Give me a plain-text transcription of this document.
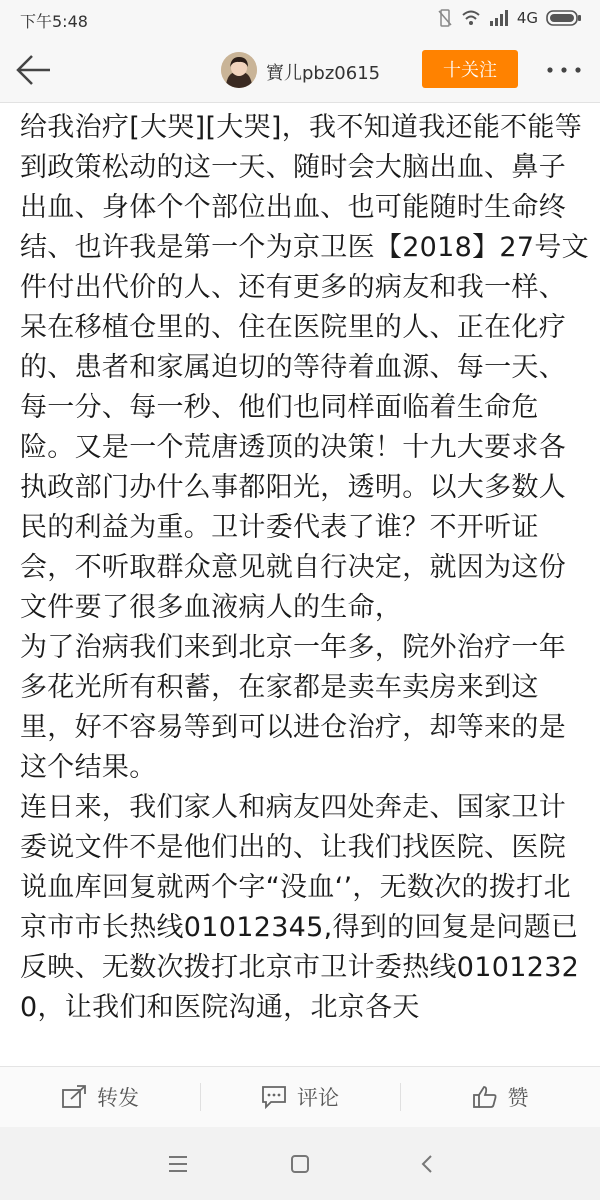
下午5:48	4G
寶儿pbz0615	十关注

给我治疗[大哭][大哭]，我不知道我还能不能等到政策松动的这一天、随时会大脑出血、鼻子出血、身体个个部位出血、也可能随时生命终结、也许我是第一个为京卫医【2018】27号文件付出代价的人、还有更多的病友和我一样、呆在移植仓里的、住在医院里的人、正在化疗的、患者和家属迫切的等待着血源、每一天、每一分、每一秒、他们也同样面临着生命危险。又是一个荒唐透顶的决策！十九大要求各执政部门办什么事都阳光，透明。以大多数人民的利益为重。卫计委代表了谁？不开听证会，不听取群众意见就自行决定，就因为这份文件要了很多血液病人的生命，

为了治病我们来到北京一年多，院外治疗一年多花光所有积蓄，在家都是卖车卖房来到这里，好不容易等到可以进仓治疗，却等来的是这个结果。

连日来，我们家人和病友四处奔走、国家卫计委说文件不是他们出的、让我们找医院、医院说血库回复就两个字“没血‘’，无数次的拨打北京市市长热线01012345,得到的回复是问题已反映、无数次拨打北京市卫计委热线01012320，让我们和医院沟通，北京各天

转发	评论	赞
